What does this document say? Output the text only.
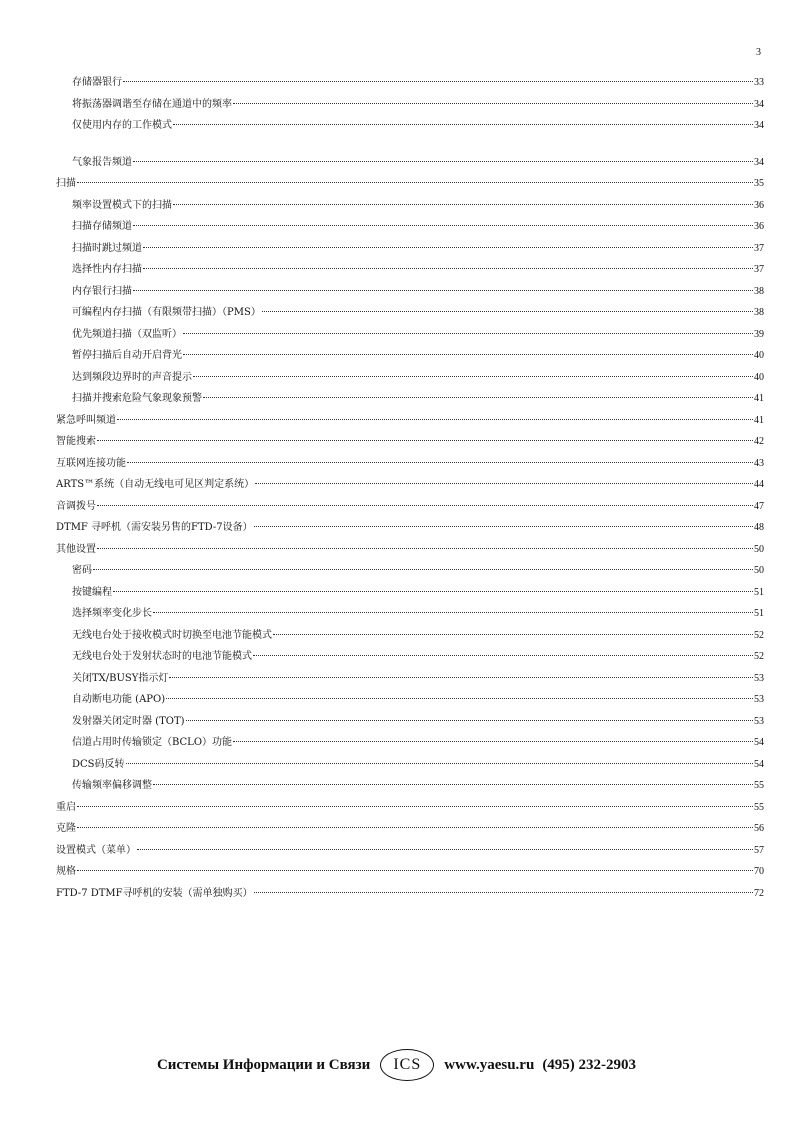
3
存储器银行	33
将振荡器调谐至存储在通道中的频率	34
仅使用内存的工作模式	34
气象报告频道	34
扫描	35
频率设置模式下的扫描	36
扫描存储频道	36
扫描时跳过频道	37
选择性内存扫描	37
内存银行扫描	38
可编程内存扫描（有限频带扫描）（PMS）	38
优先频道扫描（双监听）	39
暂停扫描后自动开启背光	40
达到频段边界时的声音提示	40
扫描并搜索危险气象现象预警	41
紧急呼叫频道	41
智能搜索	42
互联网连接功能	43
ARTS™系统（自动无线电可见区判定系统）	44
音调拨号	47
DTMF 寻呼机（需安装另售的FTD-7设备）	48
其他设置	50
密码	50
按键编程	51
选择频率变化步长	51
无线电台处于接收模式时切换至电池节能模式	52
无线电台处于发射状态时的电池节能模式	52
关闭TX/BUSY指示灯	53
自动断电功能 (APO)	53
发射器关闭定时器 (TOT)	53
信道占用时传输锁定（BCLO）功能	54
DCS码反转	54
传输频率偏移调整	55
重启	55
克隆	56
设置模式（菜单）	57
规格	70
FTD-7 DTMF寻呼机的安装（需单独购买）	72
Системы Информации и Связи	ICS	www.yaesu.ru (495) 232-2903
